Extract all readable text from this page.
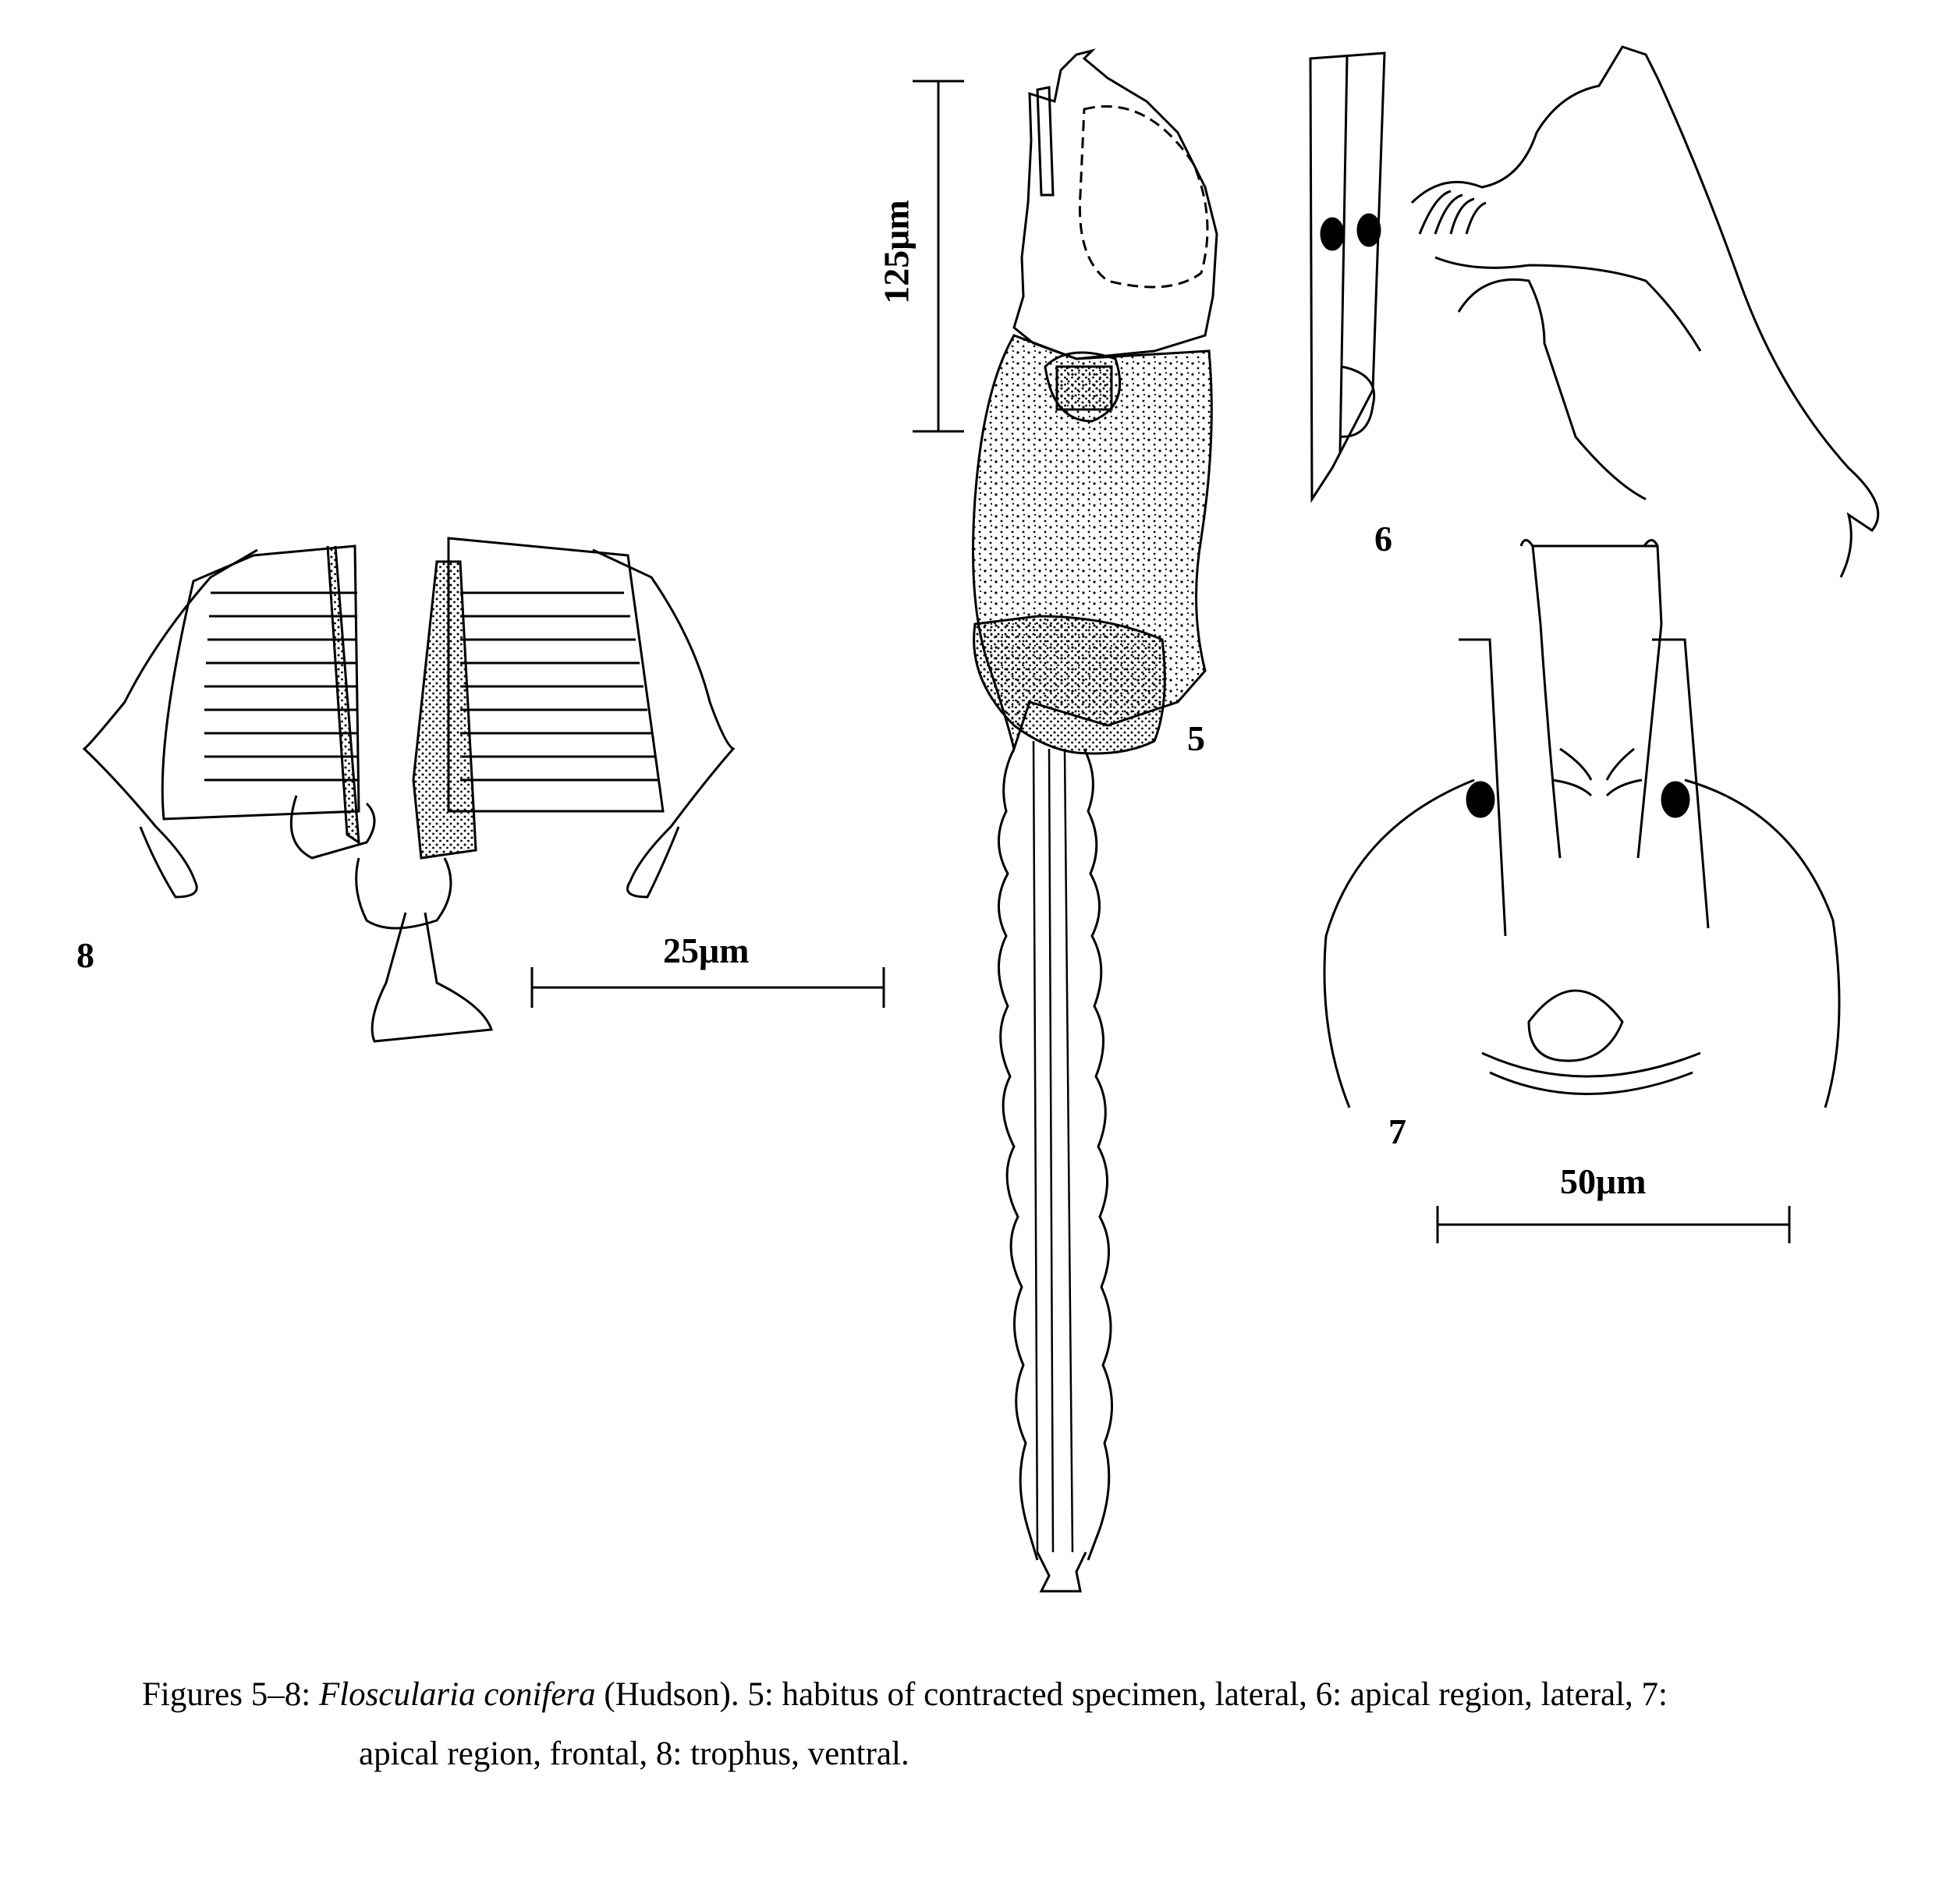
5
6
7
8
125μm
50μm
25μm
Figures 5–8: Floscularia conifera (Hudson). 5: habitus of contracted specimen, lateral, 6: apical region, lateral, 7:
apical region, frontal, 8: trophus, ventral.
